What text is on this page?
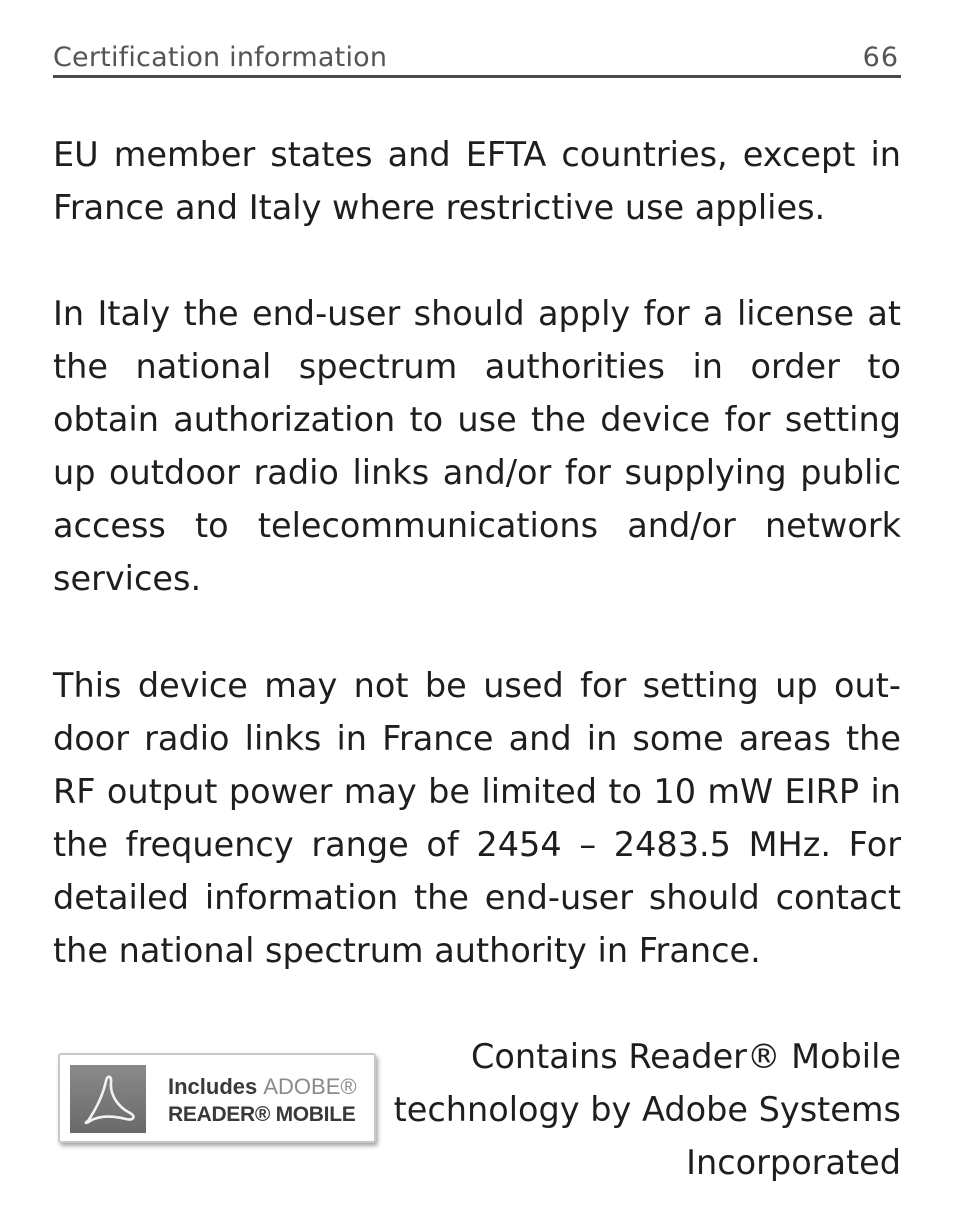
Certification information	66

EU member states and EFTA countries, except in France and Italy where restrictive use applies.

In Italy the end-user should apply for a license at the national spectrum authorities in order to obtain authorization to use the device for setting up outdoor radio links and/or for supplying public access to telecommunications and/or network services.

This device may not be used for setting up outdoor radio links in France and in some areas the RF output power may be limited to 10 mW EIRP in the frequency range of 2454 – 2483.5 MHz. For detailed information the end-user should contact the national spectrum authority in France.

Includes ADOBE®
READER® MOBILE
Contains Reader® Mobile
technology by Adobe Systems
Incorporated
